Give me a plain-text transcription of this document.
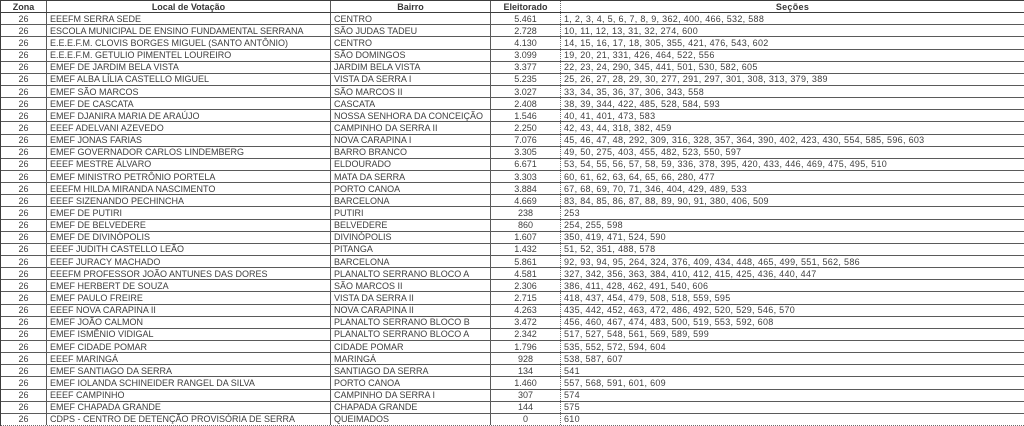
Zona	Local de Votação	Bairro	Eleitorado	Seções
26	EEEFM SERRA SEDE	CENTRO	5.461	1, 2, 3, 4, 5, 6, 7, 8, 9, 362, 400, 466, 532, 588
26	ESCOLA MUNICIPAL DE ENSINO FUNDAMENTAL SERRANA	SÃO JUDAS TADEU	2.728	10, 11, 12, 13, 31, 32, 274, 600
26	E.E.E.F.M. CLOVIS BORGES MIGUEL (SANTO ANTÔNIO)	CENTRO	4.130	14, 15, 16, 17, 18, 305, 355, 421, 476, 543, 602
26	E.E.E.F.M. GETULIO PIMENTEL LOUREIRO	SÃO DOMINGOS	3.099	19, 20, 21, 331, 426, 464, 522, 556
26	EMEF DE JARDIM BELA VISTA	JARDIM BELA VISTA	3.377	22, 23, 24, 290, 345, 441, 501, 530, 582, 605
26	EMEF ALBA LÍLIA CASTELLO MIGUEL	VISTA DA SERRA I	5.235	25, 26, 27, 28, 29, 30, 277, 291, 297, 301, 308, 313, 379, 389
26	EMEF SÃO MARCOS	SÃO MARCOS II	3.027	33, 34, 35, 36, 37, 306, 343, 558
26	EMEF DE CASCATA	CASCATA	2.408	38, 39, 344, 422, 485, 528, 584, 593
26	EMEF DJANIRA MARIA DE ARAÚJO	NOSSA SENHORA DA CONCEIÇÃO	1.546	40, 41, 401, 473, 583
26	EEEF ADELVANI AZEVEDO	CAMPINHO DA SERRA II	2.250	42, 43, 44, 318, 382, 459
26	EMEF JONAS FARIAS	NOVA CARAPINA I	7.076	45, 46, 47, 48, 292, 309, 316, 328, 357, 364, 390, 402, 423, 430, 554, 585, 596, 603
26	EMEF GOVERNADOR CARLOS LINDEMBERG	BARRO BRANCO	3.305	49, 50, 275, 403, 455, 482, 523, 550, 597
26	EEEF MESTRE ÁLVARO	ELDOURADO	6.671	53, 54, 55, 56, 57, 58, 59, 336, 378, 395, 420, 433, 446, 469, 475, 495, 510
26	EMEF MINISTRO PETRÔNIO PORTELA	MATA DA SERRA	3.303	60, 61, 62, 63, 64, 65, 66, 280, 477
26	EEEFM HILDA MIRANDA NASCIMENTO	PORTO CANOA	3.884	67, 68, 69, 70, 71, 346, 404, 429, 489, 533
26	EEEF SIZENANDO PECHINCHA	BARCELONA	4.669	83, 84, 85, 86, 87, 88, 89, 90, 91, 380, 406, 509
26	EMEF DE PUTIRI	PUTIRI	238	253
26	EMEF DE BELVEDERE	BELVEDERE	860	254, 255, 598
26	EMEF DE DIVINÓPOLIS	DIVINÓPOLIS	1.607	350, 419, 471, 524, 590
26	EEEF JUDITH CASTELLO LEÃO	PITANGA	1.432	51, 52, 351, 488, 578
26	EEEF JURACY MACHADO	BARCELONA	5.861	92, 93, 94, 95, 264, 324, 376, 409, 434, 448, 465, 499, 551, 562, 586
26	EEEFM PROFESSOR JOÃO ANTUNES DAS DORES	PLANALTO SERRANO BLOCO A	4.581	327, 342, 356, 363, 384, 410, 412, 415, 425, 436, 440, 447
26	EMEF HERBERT DE SOUZA	SÃO MARCOS II	2.306	386, 411, 428, 462, 491, 540, 606
26	EMEF PAULO FREIRE	VISTA DA SERRA II	2.715	418, 437, 454, 479, 508, 518, 559, 595
26	EEEF NOVA CARAPINA II	NOVA CARAPINA II	4.263	435, 442, 452, 463, 472, 486, 492, 520, 529, 546, 570
26	EMEF JOÃO CALMON	PLANALTO SERRANO BLOCO B	3.472	456, 460, 467, 474, 483, 500, 519, 553, 592, 608
26	EMEF ISMÊNIO VIDIGAL	PLANALTO SERRANO BLOCO A	2.342	517, 527, 548, 561, 569, 589, 599
26	EMEF CIDADE POMAR	CIDADE POMAR	1.796	535, 552, 572, 594, 604
26	EEEF MARINGÁ	MARINGÁ	928	538, 587, 607
26	EMEF SANTIAGO DA SERRA	SANTIAGO DA SERRA	134	541
26	EMEF IOLANDA SCHINEIDER RANGEL DA SILVA	PORTO CANOA	1.460	557, 568, 591, 601, 609
26	EEEF CAMPINHO	CAMPINHO DA SERRA I	307	574
26	EMEF CHAPADA GRANDE	CHAPADA GRANDE	144	575
26	CDPS - CENTRO DE DETENÇÃO PROVISÓRIA DE SERRA	QUEIMADOS	0	610
